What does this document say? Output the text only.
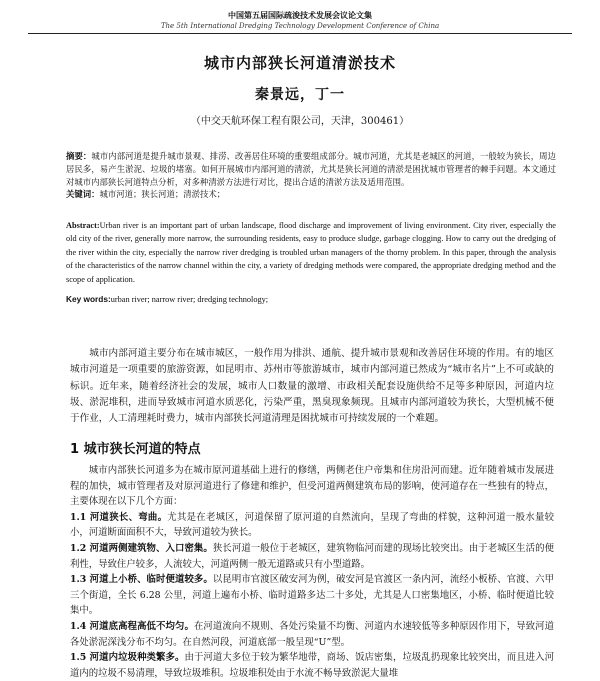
中国第五届国际疏浚技术发展会议论文集
The 5th International Dredging Technology Development Conference of China
城市内部狭长河道清淤技术
秦景远，丁一
（中交天航环保工程有限公司，天津，300461）

摘要：城市内部河道是提升城市景观、排涝、改善居住环境的重要组成部分。城市河道，尤其是老城区的河道，一般较为狭长，周边居民多，易产生淤泥、垃圾的堵塞。如何开展城市内部河道的清淤，尤其是狭长河道的清淤是困扰城市管理者的棘手问题。本文通过对城市内部狭长河道特点分析，对多种清淤方法进行对比，提出合适的清淤方法及适用范围。

关键词：城市河道；狭长河道；清淤技术；

Abstract:Urban river is an important part of urban landscape, flood discharge and improvement of living environment. City river, especially the old city of the river, generally more narrow, the surrounding residents, easy to produce sludge, garbage clogging. How to carry out the dredging of the river within the city, especially the narrow river dredging is troubled urban managers of the thorny problem. In this paper, through the analysis of the characteristics of the narrow channel within the city, a variety of dredging methods were compared, the appropriate dredging method and the scope of application.

Key words:urban river; narrow river; dredging technology;

城市内部河道主要分布在城市城区，一般作用为排洪、通航、提升城市景观和改善居住环境的作用。有的地区城市河道是一项重要的旅游资源，如昆明市、苏州市等旅游城市，城市内部河道已然成为“城市名片”上不可或缺的标识。近年来，随着经济社会的发展，城市人口数量的激增、市政相关配套设施供给不足等多种原因，河道内垃圾、淤泥堆积，进而导致城市河道水质恶化，污染严重，黑臭现象频现。且城市内部河道较为狭长，大型机械不便于作业，人工清理耗时费力，城市内部狭长河道清理是困扰城市可持续发展的一个难题。

1 城市狭长河道的特点

城市内部狭长河道多为在城市原河道基础上进行的修缮，两侧老住户帝集和住房沿河而建。近年随着城市发展进程的加快，城市管理者及对原河道进行了修建和维护，但受河道两侧建筑布局的影响，使河道存在一些独有的特点，主要体现在以下几个方面：

1.1 河道狭长、弯曲。尤其是在老城区，河道保留了原河道的自然流向，呈现了弯曲的样貌，这种河道一般水量较小，河道断面面积不大，导致河道较为狭长。

1.2 河道两侧建筑物、入口密集。狭长河道一般位于老城区，建筑物临河而建的现场比较突出。由于老城区生活的便利性，导致住户较多，人流较大，河道两侧一般无道路或只有小型道路。

1.3 河道上小桥、临时便道较多。以昆明市官渡区破安河为例，破安河是官渡区一条内河，流经小板桥、官渡、六甲三个街道，全长 6.28 公里，河道上遍布小桥、临时道路多达二十多处，尤其是人口密集地区，小桥、临时便道比较集中。

1.4 河道底高程高低不均匀。在河道流向不规则、各处污染量不均衡、河道内水速较低等多种原因作用下，导致河道各处淤泥深浅分布不均匀。在自然河段，河道底部一般呈现“U”型。

1.5 河道内垃圾种类繁多。由于河道大多位于较为繁华地带，商场、饭店密集，垃圾乱扔现象比较突出，而且进入河道内的垃圾不易清理，导致垃圾堆积。垃圾堆积处由于水流不畅导致淤泥大量堆
